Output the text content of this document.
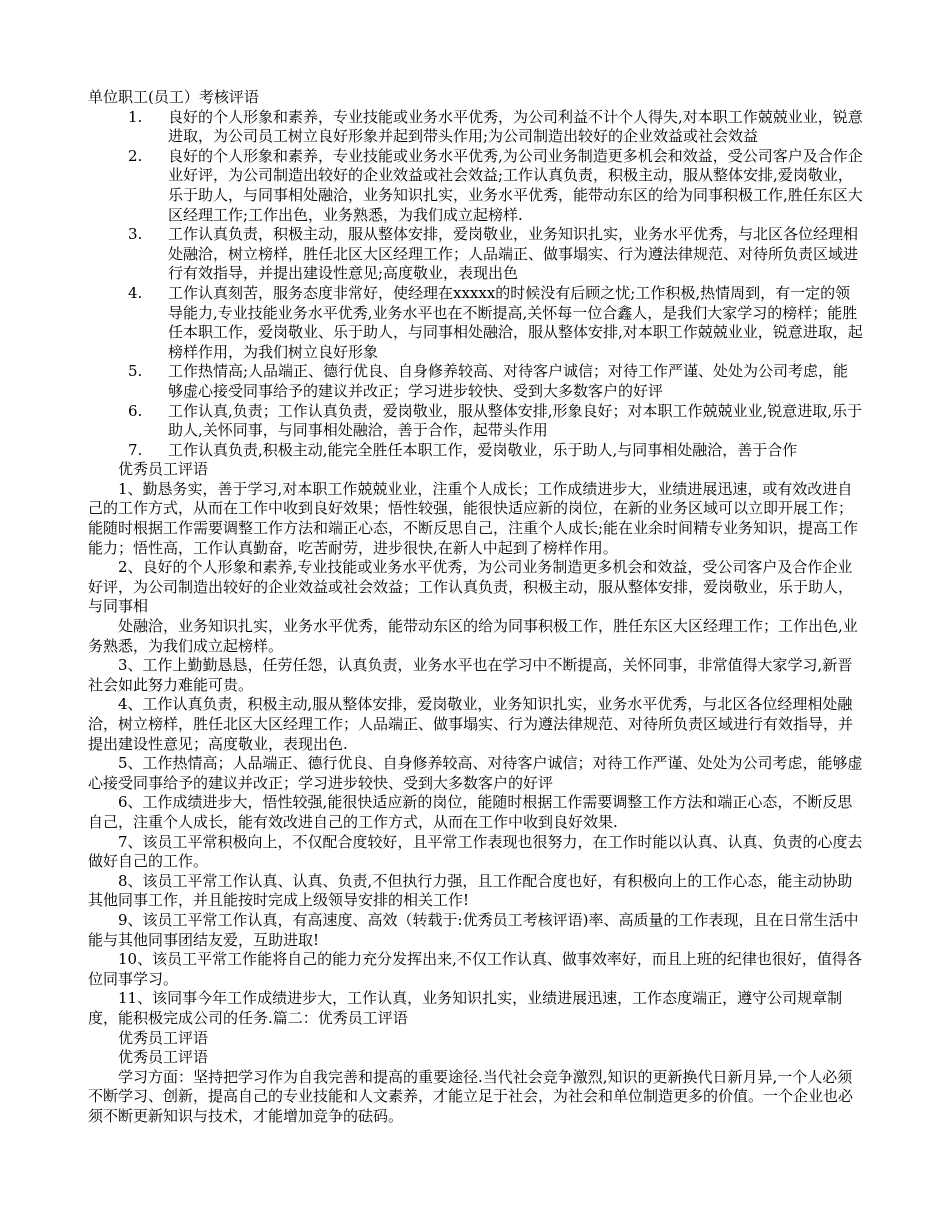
单位职工(员工）考核评语
1.	良好的个人形象和素养，专业技能或业务水平优秀，为公司利益不计个人得失,对本职工作兢兢业业，锐意进取，为公司员工树立良好形象并起到带头作用;为公司制造出较好的企业效益或社会效益
2.	良好的个人形象和素养，专业技能或业务水平优秀,为公司业务制造更多机会和效益，受公司客户及合作企业好评，为公司制造出较好的企业效益或社会效益;工作认真负责，积极主动，服从整体安排,爱岗敬业，乐于助人，与同事相处融洽，业务知识扎实，业务水平优秀，能带动东区的给为同事积极工作,胜任东区大区经理工作;工作出色，业务熟悉，为我们成立起榜样.
3.	工作认真负责，积极主动，服从整体安排，爱岗敬业，业务知识扎实，业务水平优秀，与北区各位经理相处融洽，树立榜样，胜任北区大区经理工作；人品端正、做事塌实、行为遵法律规范、对待所负责区域进行有效指导，并提出建设性意见;高度敬业，表现出色
4.	工作认真刻苦，服务态度非常好，使经理在xxxxx的时候没有后顾之忧;工作积极,热情周到，有一定的领导能力,专业技能业务水平优秀,业务水平也在不断提高,关怀每一位合鑫人，是我们大家学习的榜样；能胜任本职工作，爱岗敬业、乐于助人，与同事相处融洽，服从整体安排,对本职工作兢兢业业，锐意进取，起榜样作用，为我们树立良好形象
5.	工作热情高;人品端正、德行优良、自身修养较高、对待客户诚信；对待工作严谨、处处为公司考虑，能够虚心接受同事给予的建议并改正；学习进步较快、受到大多数客户的好评
6.	工作认真,负责；工作认真负责，爱岗敬业，服从整体安排,形象良好；对本职工作兢兢业业,锐意进取,乐于助人,关怀同事，与同事相处融洽，善于合作，起带头作用
7.	工作认真负责,积极主动,能完全胜任本职工作，爱岗敬业，乐于助人,与同事相处融洽，善于合作
优秀员工评语

1、勤恳务实，善于学习,对本职工作兢兢业业，注重个人成长；工作成绩进步大，业绩进展迅速，或有效改进自己的工作方式，从而在工作中收到良好效果；悟性较强，能很快适应新的岗位，在新的业务区域可以立即开展工作；能随时根据工作需要调整工作方法和端正心态，不断反思自己，注重个人成长;能在业余时间精专业务知识，提高工作能力；悟性高，工作认真勤奋，吃苦耐劳，进步很快,在新人中起到了榜样作用。

2、良好的个人形象和素养,专业技能或业务水平优秀，为公司业务制造更多机会和效益，受公司客户及合作企业好评，为公司制造出较好的企业效益或社会效益；工作认真负责，积极主动，服从整体安排，爱岗敬业，乐于助人，与同事相

处融洽，业务知识扎实，业务水平优秀，能带动东区的给为同事积极工作，胜任东区大区经理工作；工作出色,业务熟悉，为我们成立起榜样。

3、工作上勤勤恳恳，任劳任怨，认真负责，业务水平也在学习中不断提高，关怀同事，非常值得大家学习,新晋社会如此努力难能可贵。

4、工作认真负责，积极主动,服从整体安排，爱岗敬业，业务知识扎实，业务水平优秀，与北区各位经理相处融洽，树立榜样，胜任北区大区经理工作；人品端正、做事塌实、行为遵法律规范、对待所负责区域进行有效指导，并提出建设性意见；高度敬业，表现出色.

5、工作热情高；人品端正、德行优良、自身修养较高、对待客户诚信；对待工作严谨、处处为公司考虑，能够虚心接受同事给予的建议并改正；学习进步较快、受到大多数客户的好评

6、工作成绩进步大，悟性较强,能很快适应新的岗位，能随时根据工作需要调整工作方法和端正心态，不断反思自己，注重个人成长，能有效改进自己的工作方式，从而在工作中收到良好效果.

7、该员工平常积极向上，不仅配合度较好，且平常工作表现也很努力，在工作时能以认真、认真、负责的心度去做好自己的工作。

8、该员工平常工作认真、认真、负责,不但执行力强，且工作配合度也好，有积极向上的工作心态，能主动协助其他同事工作，并且能按时完成上级领导安排的相关工作!

9、该员工平常工作认真，有高速度、高效（转载于:优秀员工考核评语)率、高质量的工作表现，且在日常生活中能与其他同事团结友爱，互助进取!

10、该员工平常工作能将自己的能力充分发挥出来,不仅工作认真、做事效率好，而且上班的纪律也很好，值得各位同事学习。

11、该同事今年工作成绩进步大，工作认真，业务知识扎实，业绩进展迅速，工作态度端正，遵守公司规章制度，能积极完成公司的任务.篇二：优秀员工评语

优秀员工评语

优秀员工评语

学习方面：坚持把学习作为自我完善和提高的重要途径.当代社会竞争激烈,知识的更新换代日新月异,一个人必须不断学习、创新，提高自己的专业技能和人文素养，才能立足于社会，为社会和单位制造更多的价值。一个企业也必须不断更新知识与技术，才能增加竞争的砝码。
